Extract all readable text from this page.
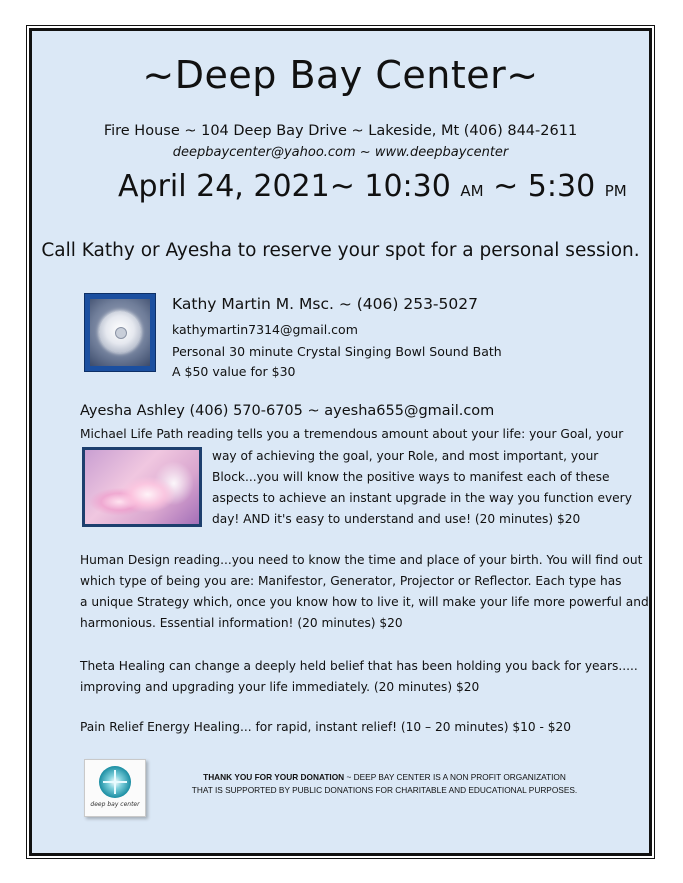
~Deep Bay Center~
Fire House ~ 104 Deep Bay Drive ~ Lakeside, Mt (406) 844-2611
deepbaycenter@yahoo.com ~ www.deepbaycenter
April 24, 2021~ 10:30 AM ~ 5:30 PM
Call Kathy or Ayesha to reserve your spot for a personal session.
Kathy Martin M. Msc. ~ (406) 253-5027
kathymartin7314@gmail.com
Personal 30 minute Crystal Singing Bowl Sound Bath
A $50 value for $30
Ayesha Ashley (406) 570-6705 ~ ayesha655@gmail.com
Michael Life Path reading tells you a tremendous amount about your life: your Goal, your
way of achieving the goal, your Role, and most important, your
Block...you will know the positive ways to manifest each of these
aspects to achieve an instant upgrade in the way you function every
day! AND it's easy to understand and use! (20 minutes) $20
Human Design reading...you need to know the time and place of your birth. You will find out
which type of being you are: Manifestor, Generator, Projector or Reflector. Each type has
a unique Strategy which, once you know how to live it, will make your life more powerful and
harmonious. Essential information! (20 minutes) $20
Theta Healing can change a deeply held belief that has been holding you back for years.....
improving and upgrading your life immediately. (20 minutes) $20
Pain Relief Energy Healing... for rapid, instant relief! (10 – 20 minutes) $10 - $20
deep bay center
THANK YOU FOR YOUR DONATION ~ DEEP BAY CENTER IS A NON PROFIT ORGANIZATION
THAT IS SUPPORTED BY PUBLIC DONATIONS FOR CHARITABLE AND EDUCATIONAL PURPOSES.
